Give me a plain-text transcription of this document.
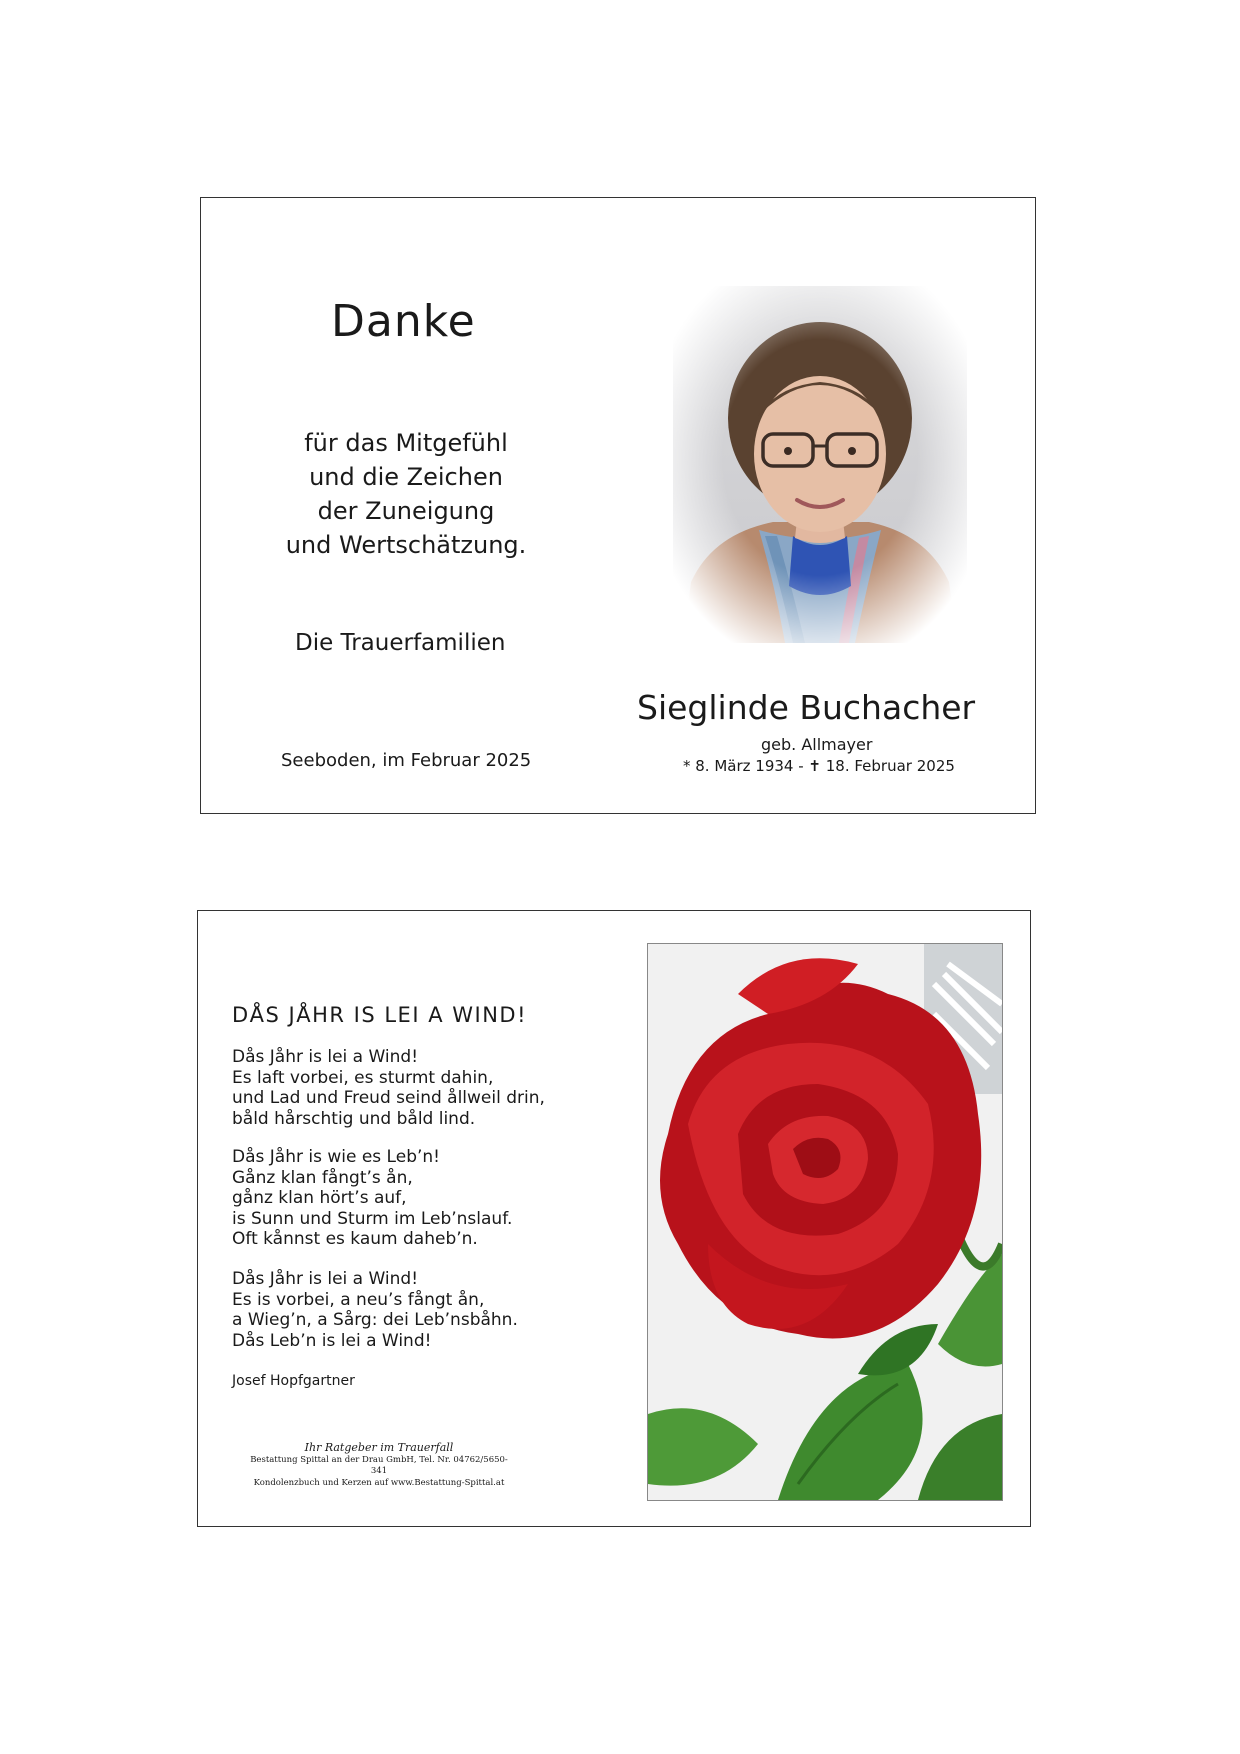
Danke
für das Mitgefühl
und die Zeichen
der Zuneigung
und Wertschätzung.
Die Trauerfamilien
Seeboden, im Februar 2025
Sieglinde Buchacher
geb. Allmayer
* 8. März 1934 - ✝ 18. Februar 2025
DÅS JÅHR IS LEI A WIND!
Dås Jåhr is lei a Wind!
Es laft vorbei, es sturmt dahin,
und Lad und Freud seind ållweil drin,
båld hårschtig und båld lind.
Dås Jåhr is wie es Leb’n!
Gånz klan fångt’s ån,
gånz klan hört’s auf,
is Sunn und Sturm im Leb’nslauf.
Oft kånnst es kaum daheb’n.
Dås Jåhr is lei a Wind!
Es is vorbei, a neu’s fångt ån,
a Wieg’n, a Sårg: dei Leb’nsbåhn.
Dås Leb’n is lei a Wind!
Josef Hopfgartner
Ihr Ratgeber im Trauerfall
Bestattung Spittal an der Drau GmbH, Tel. Nr. 04762/5650-341
Kondolenzbuch und Kerzen auf www.Bestattung-Spittal.at
